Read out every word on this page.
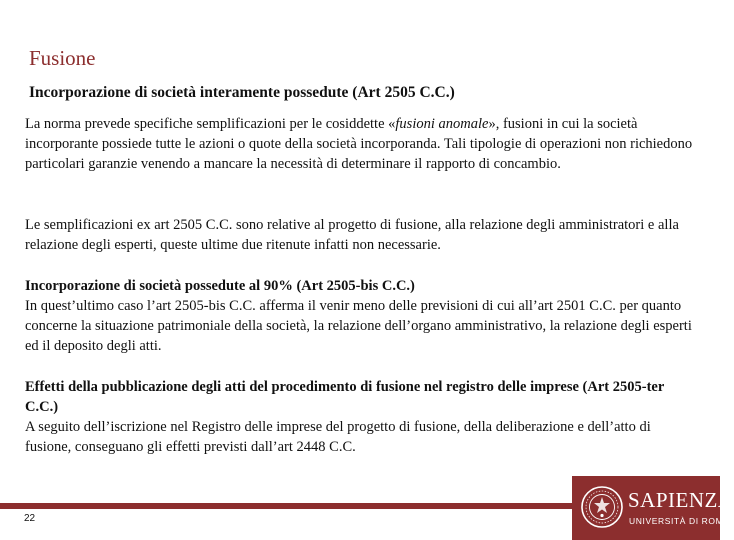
Fusione
Incorporazione di società interamente possedute (Art 2505 C.C.)

La norma prevede specifiche semplificazioni per le cosiddette «fusioni anomale», fusioni in cui la società incorporante possiede tutte le azioni o quote della società incorporanda. Tali tipologie di operazioni non richiedono particolari garanzie venendo a mancare la necessità di determinare il rapporto di concambio.

Le semplificazioni ex art 2505 C.C. sono relative al progetto di fusione, alla relazione degli amministratori e alla relazione degli esperti, queste ultime due ritenute infatti non necessarie.

Incorporazione di società possedute al 90% (Art 2505-bis C.C.)
In quest’ultimo caso l’art 2505-bis C.C. afferma il venir meno delle previsioni di cui all’art 2501 C.C. per quanto concerne la situazione patrimoniale della società, la relazione dell’organo amministrativo, la relazione degli esperti ed il deposito degli atti.
Effetti della pubblicazione degli atti del procedimento di fusione nel registro delle imprese (Art 2505-ter C.C.)
A seguito dell’iscrizione nel Registro delle imprese del progetto di fusione, della deliberazione e dell’atto di fusione, conseguano gli effetti previsti dall’art 2448 C.C.
22
SAPIENZA
UNIVERSITÀ DI ROMA
